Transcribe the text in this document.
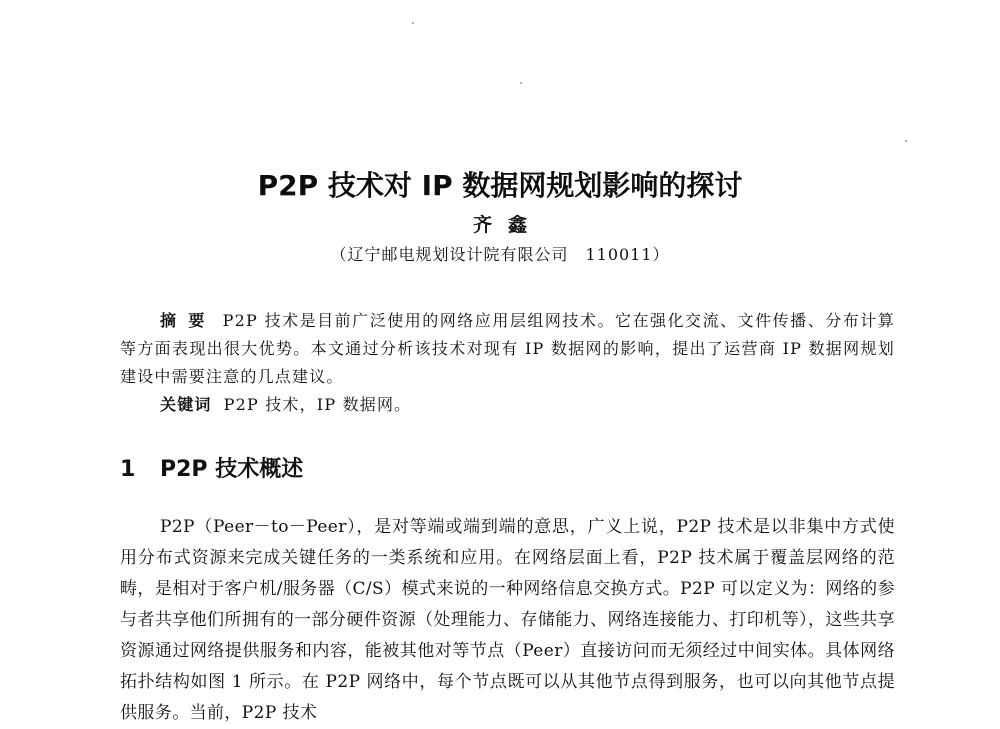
P2P 技术对 IP 数据网规划影响的探讨
齐鑫
（辽宁邮电规划设计院有限公司　110011）
摘要 P2P 技术是目前广泛使用的网络应用层组网技术。它在强化交流、文件传播、分布计算等方面表现出很大优势。本文通过分析该技术对现有 IP 数据网的影响，提出了运营商 IP 数据网规划建设中需要注意的几点建议。
关键词 P2P 技术，IP 数据网。
1 P2P 技术概述

P2P（Peer－to－Peer），是对等端或端到端的意思，广义上说，P2P 技术是以非集中方式使用分布式资源来完成关键任务的一类系统和应用。在网络层面上看，P2P 技术属于覆盖层网络的范畴，是相对于客户机/服务器（C/S）模式来说的一种网络信息交换方式。P2P 可以定义为：网络的参与者共享他们所拥有的一部分硬件资源（处理能力、存储能力、网络连接能力、打印机等），这些共享资源通过网络提供服务和内容，能被其他对等节点（Peer）直接访问而无须经过中间实体。具体网络拓扑结构如图 1 所示。在 P2P 网络中，每个节点既可以从其他节点得到服务，也可以向其他节点提供服务。当前，P2P 技术
